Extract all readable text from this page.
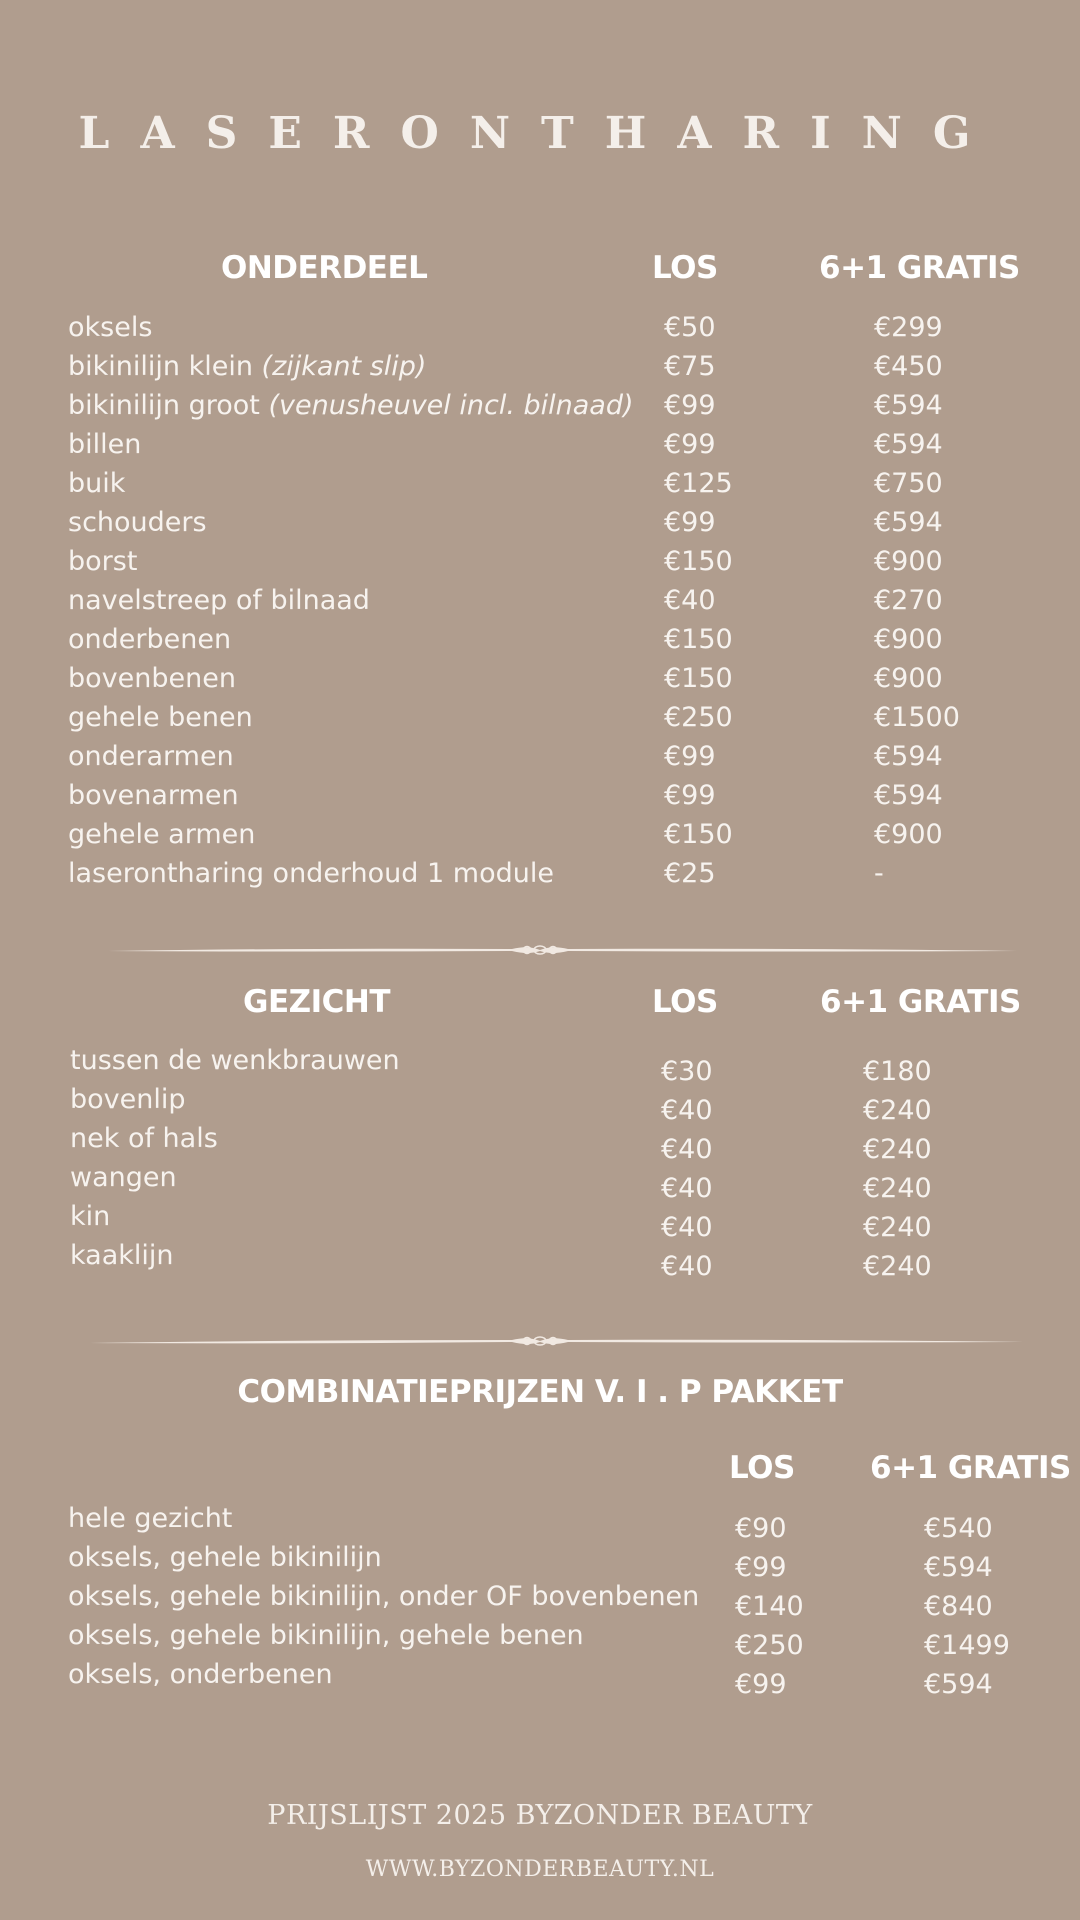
LASERONTHARING
ONDERDEEL	LOS	6+1 GRATIS
oksels	€50	€299
bikinilijn klein (zijkant slip)	€75	€450
bikinilijn groot (venusheuvel incl. bilnaad) €99	€594
billen	€99	€594
buik	€125	€750
schouders	€99	€594
borst	€150	€900
navelstreep of bilnaad	€40	€270
onderbenen	€150	€900
bovenbenen	€150	€900
gehele benen	€250	€1500
onderarmen	€99	€594
bovenarmen	€99	€594
gehele armen	€150	€900
laserontharing onderhoud 1 module	€25	-
GEZICHT	LOS	6+1 GRATIS
tussen de wenkbrauwen	€30	€180
bovenlip	€40	€240
nek of hals	€40	€240
wangen	€40	€240
kin	€40	€240
kaaklijn	€40	€240
COMBINATIEPRIJZEN V. I . P PAKKET
LOS 6+1 GRATIS
hele gezicht	€90	€540
oksels, gehele bikinilijn	€99	€594
oksels, gehele bikinilijn, onder OF bovenbenen €140	€840
oksels, gehele bikinilijn, gehele benen	€250	€1499
oksels, onderbenen	€99	€594
PRIJSLIJST 2025 BYZONDER BEAUTY
WWW.BYZONDERBEAUTY.NL
